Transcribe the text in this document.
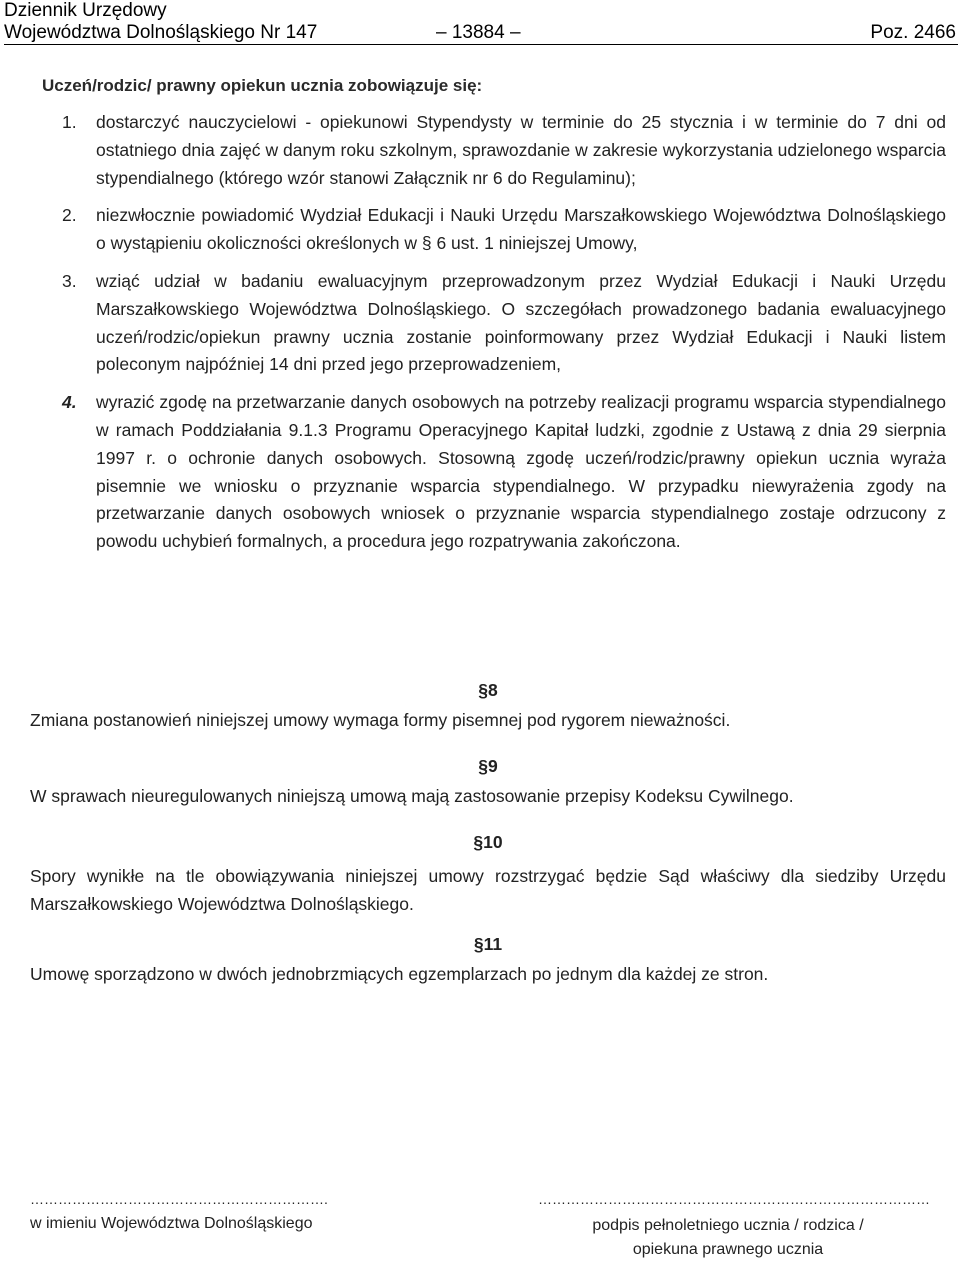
Dziennik Urzędowy
Województwa Dolnośląskiego Nr 147	– 13884 –	Poz. 2466
Uczeń/rodzic/ prawny opiekun ucznia zobowiązuje się:
1. dostarczyć nauczycielowi - opiekunowi Stypendysty w terminie do 25 stycznia i w terminie do 7 dni od ostatniego dnia zajęć w danym roku szkolnym, sprawozdanie w zakresie wykorzystania udzielonego wsparcia stypendialnego (którego wzór stanowi Załącznik nr 6 do Regulaminu);
2. niezwłocznie powiadomić Wydział Edukacji i Nauki Urzędu Marszałkowskiego Województwa Dolnośląskiego o wystąpieniu okoliczności określonych w § 6 ust. 1 niniejszej Umowy,
3. wziąć udział w badaniu ewaluacyjnym przeprowadzonym przez Wydział Edukacji i Nauki Urzędu Marszałkowskiego Województwa Dolnośląskiego. O szczegółach prowadzonego badania ewaluacyjnego uczeń/rodzic/opiekun prawny ucznia zostanie poinformowany przez Wydział Edukacji i Nauki listem poleconym najpóźniej 14 dni przed jego przeprowadzeniem,
4. wyrazić zgodę na przetwarzanie danych osobowych na potrzeby realizacji programu wsparcia stypendialnego w ramach Poddziałania 9.1.3 Programu Operacyjnego Kapitał ludzki, zgodnie z Ustawą z dnia 29 sierpnia 1997 r. o ochronie danych osobowych. Stosowną zgodę uczeń/rodzic/prawny opiekun ucznia wyraża pisemnie we wniosku o przyznanie wsparcia stypendialnego. W przypadku niewyrażenia zgody na przetwarzanie danych osobowych wniosek o przyznanie wsparcia stypendialnego zostaje odrzucony z powodu uchybień formalnych, a procedura jego rozpatrywania zakończona.
§8
Zmiana postanowień niniejszej umowy wymaga formy pisemnej pod rygorem nieważności.
§9
W sprawach nieuregulowanych niniejszą umową mają zastosowanie przepisy Kodeksu Cywilnego.
§10
Spory wynikłe na tle obowiązywania niniejszej umowy rozstrzygać będzie Sąd właściwy dla siedziby Urzędu Marszałkowskiego Województwa Dolnośląskiego.
§11
Umowę sporządzono w dwóch jednobrzmiących egzemplarzach po jednym dla każdej ze stron.
……………………………………………………….
w imieniu Województwa Dolnośląskiego
…………………………………………………………………………
podpis pełnoletniego ucznia / rodzica /
opiekuna prawnego ucznia
